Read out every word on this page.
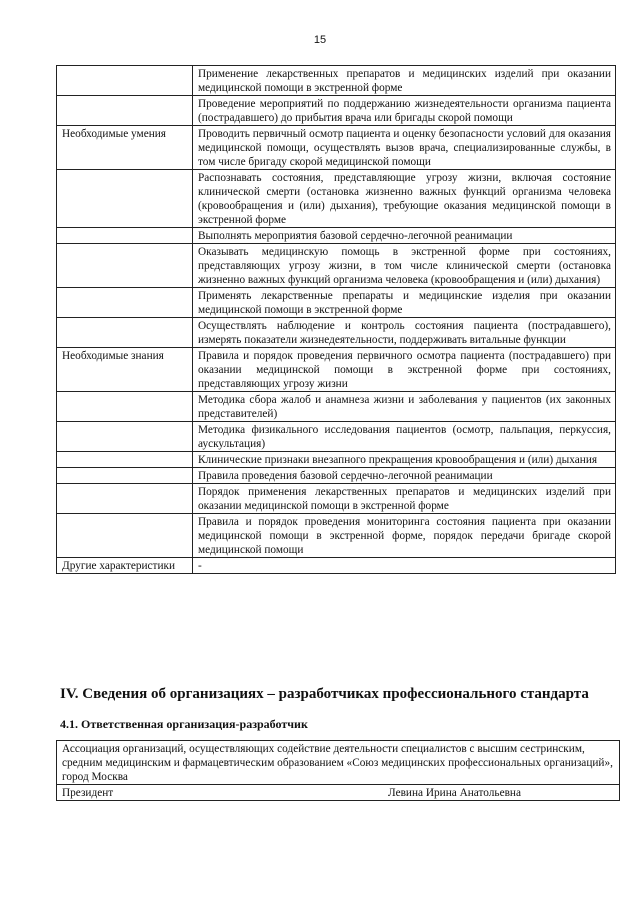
15
	Применение лекарственных препаратов и медицинских изделий при оказании медицинской помощи в экстренной форме
	Проведение мероприятий по поддержанию жизнедеятельности организма пациента (пострадавшего) до прибытия врача или бригады скорой помощи
Необходимые умения	Проводить первичный осмотр пациента и оценку безопасности условий для оказания медицинской помощи, осуществлять вызов врача, специализированные службы, в том числе бригаду скорой медицинской помощи
	Распознавать состояния, представляющие угрозу жизни, включая состояние клинической смерти (остановка жизненно важных функций организма человека (кровообращения и (или) дыхания), требующие оказания медицинской помощи в экстренной форме
	Выполнять мероприятия базовой сердечно-легочной реанимации
	Оказывать медицинскую помощь в экстренной форме при состояниях, представляющих угрозу жизни, в том числе клинической смерти (остановка жизненно важных функций организма человека (кровообращения и (или) дыхания)
	Применять лекарственные препараты и медицинские изделия при оказании медицинской помощи в экстренной форме
	Осуществлять наблюдение и контроль состояния пациента (пострадавшего), измерять показатели жизнедеятельности, поддерживать витальные функции
Необходимые знания	Правила и порядок проведения первичного осмотра пациента (пострадавшего) при оказании медицинской помощи в экстренной форме при состояниях, представляющих угрозу жизни
	Методика сбора жалоб и анамнеза жизни и заболевания у пациентов (их законных представителей)
	Методика физикального исследования пациентов (осмотр, пальпация, перкуссия, аускультация)
	Клинические признаки внезапного прекращения кровообращения и (или) дыхания
	Правила проведения базовой сердечно-легочной реанимации
	Порядок применения лекарственных препаратов и медицинских изделий при оказании медицинской помощи в экстренной форме
	Правила и порядок проведения мониторинга состояния пациента при оказании медицинской помощи в экстренной форме, порядок передачи бригаде скорой медицинской помощи
Другие характеристики	-
IV. Сведения об организациях – разработчиках профессионального стандарта
4.1. Ответственная организация-разработчик
Ассоциация организаций, осуществляющих содействие деятельности специалистов с высшим сестринским, средним медицинским и фармацевтическим образованием «Союз медицинских профессиональных организаций», город Москва

Президент	Левина Ирина Анатольевна
